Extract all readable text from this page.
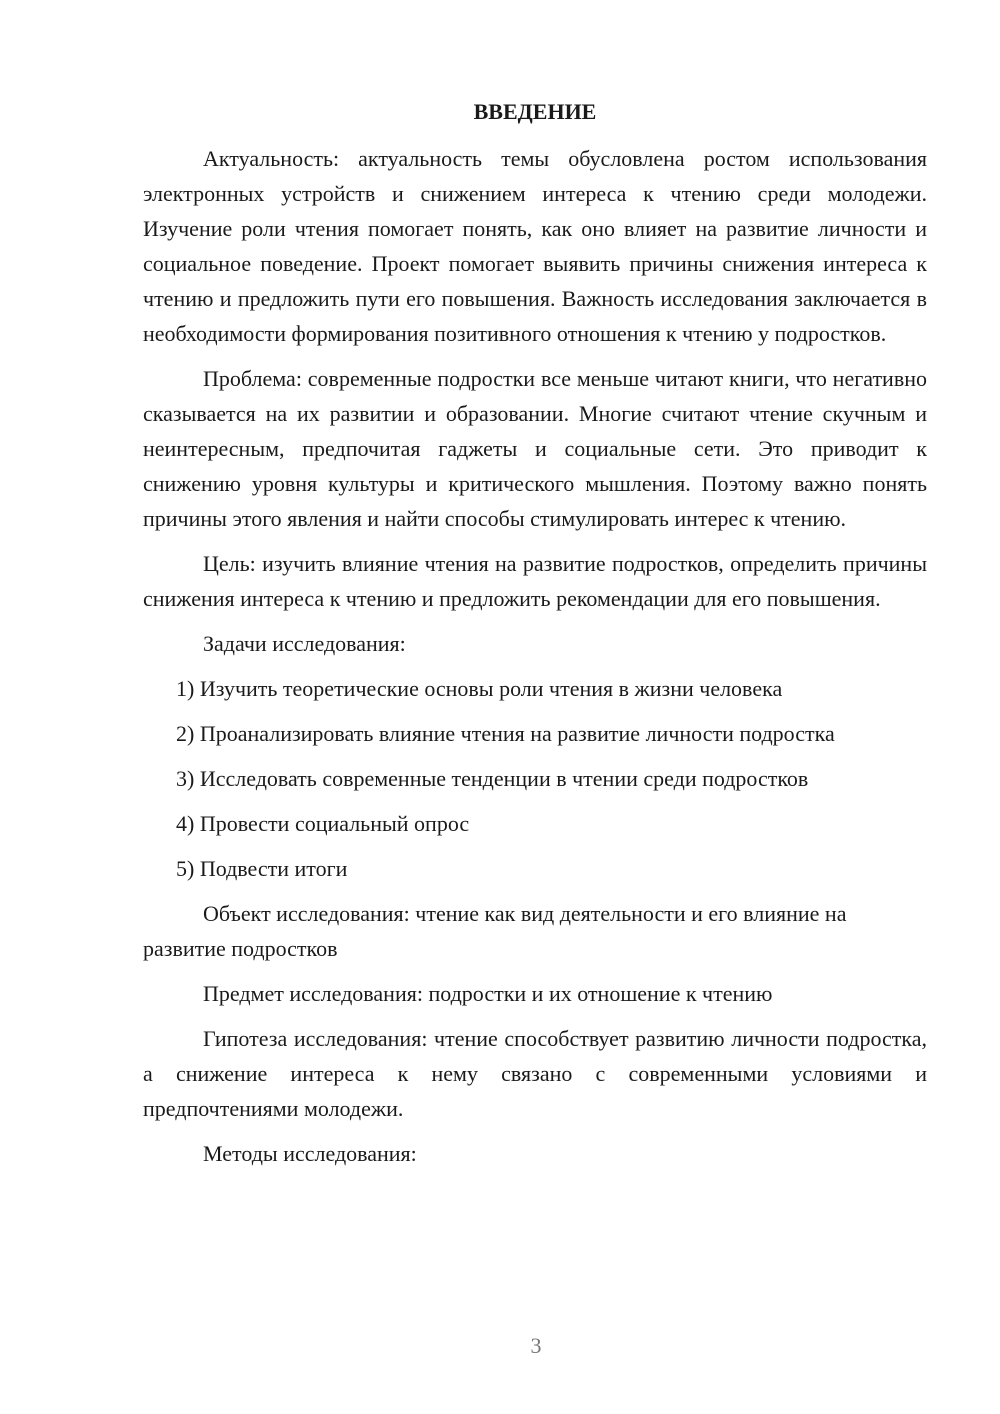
ВВЕДЕНИЕ

Актуальность: актуальность темы обусловлена ростом использования электронных устройств и снижением интереса к чтению среди молодежи. Изучение роли чтения помогает понять, как оно влияет на развитие личности и социальное поведение. Проект помогает выявить причины снижения интереса к чтению и предложить пути его повышения. Важность исследования заключается в необходимости формирования позитивного отношения к чтению у подростков.

Проблема: современные подростки все меньше читают книги, что негативно сказывается на их развитии и образовании. Многие считают чтение скучным и неинтересным, предпочитая гаджеты и социальные сети. Это приводит к снижению уровня культуры и критического мышления. Поэтому важно понять причины этого явления и найти способы стимулировать интерес к чтению.

Цель: изучить влияние чтения на развитие подростков, определить причины снижения интереса к чтению и предложить рекомендации для его повышения.

Задачи исследования:

1) Изучить теоретические основы роли чтения в жизни человека
2) Проанализировать влияние чтения на развитие личности подростка
3) Исследовать современные тенденции в чтении среди подростков
4) Провести социальный опрос
5) Подвести итоги

Объект исследования: чтение как вид деятельности и его влияние на развитие подростков

Предмет исследования: подростки и их отношение к чтению

Гипотеза исследования: чтение способствует развитию личности подростка, а снижение интереса к нему связано с современными условиями и предпочтениями молодежи.

Методы исследования:

3
